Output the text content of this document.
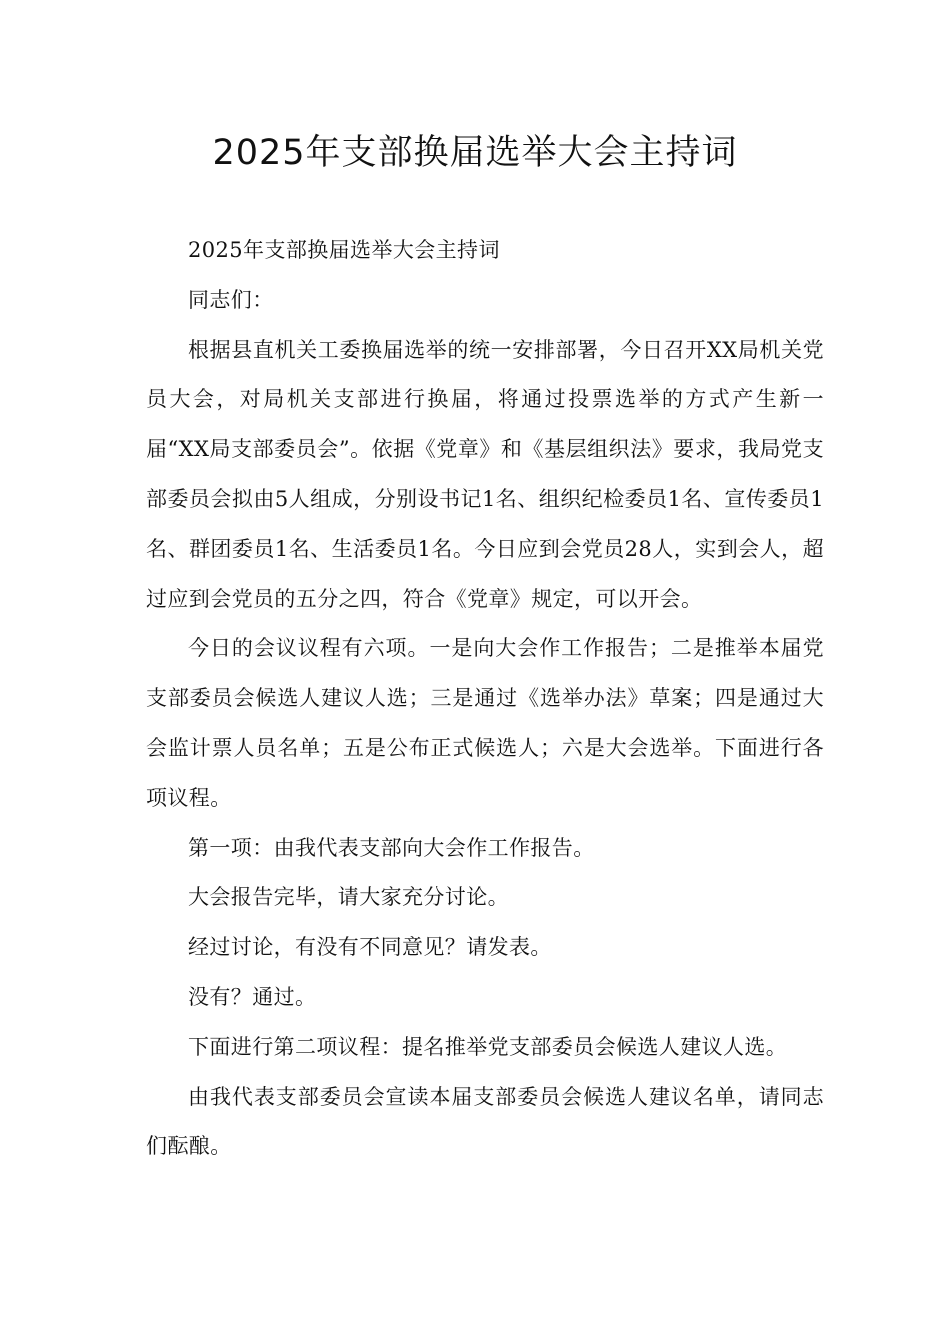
2025年支部换届选举大会主持词

2025年支部换届选举大会主持词

同志们：

根据县直机关工委换届选举的统一安排部署，今日召开XX局机关党员大会，对局机关支部进行换届，将通过投票选举的方式产生新一届“XX局支部委员会”。依据《党章》和《基层组织法》要求，我局党支部委员会拟由5人组成，分别设书记1名、组织纪检委员1名、宣传委员1名、群团委员1名、生活委员1名。今日应到会党员28人，实到会人，超过应到会党员的五分之四，符合《党章》规定，可以开会。

今日的会议议程有六项。一是向大会作工作报告；二是推举本届党支部委员会候选人建议人选；三是通过《选举办法》草案；四是通过大会监计票人员名单；五是公布正式候选人；六是大会选举。下面进行各项议程。

第一项：由我代表支部向大会作工作报告。

大会报告完毕，请大家充分讨论。

经过讨论，有没有不同意见？请发表。

没有？通过。

下面进行第二项议程：提名推举党支部委员会候选人建议人选。

由我代表支部委员会宣读本届支部委员会候选人建议名单，请同志们酝酿。
